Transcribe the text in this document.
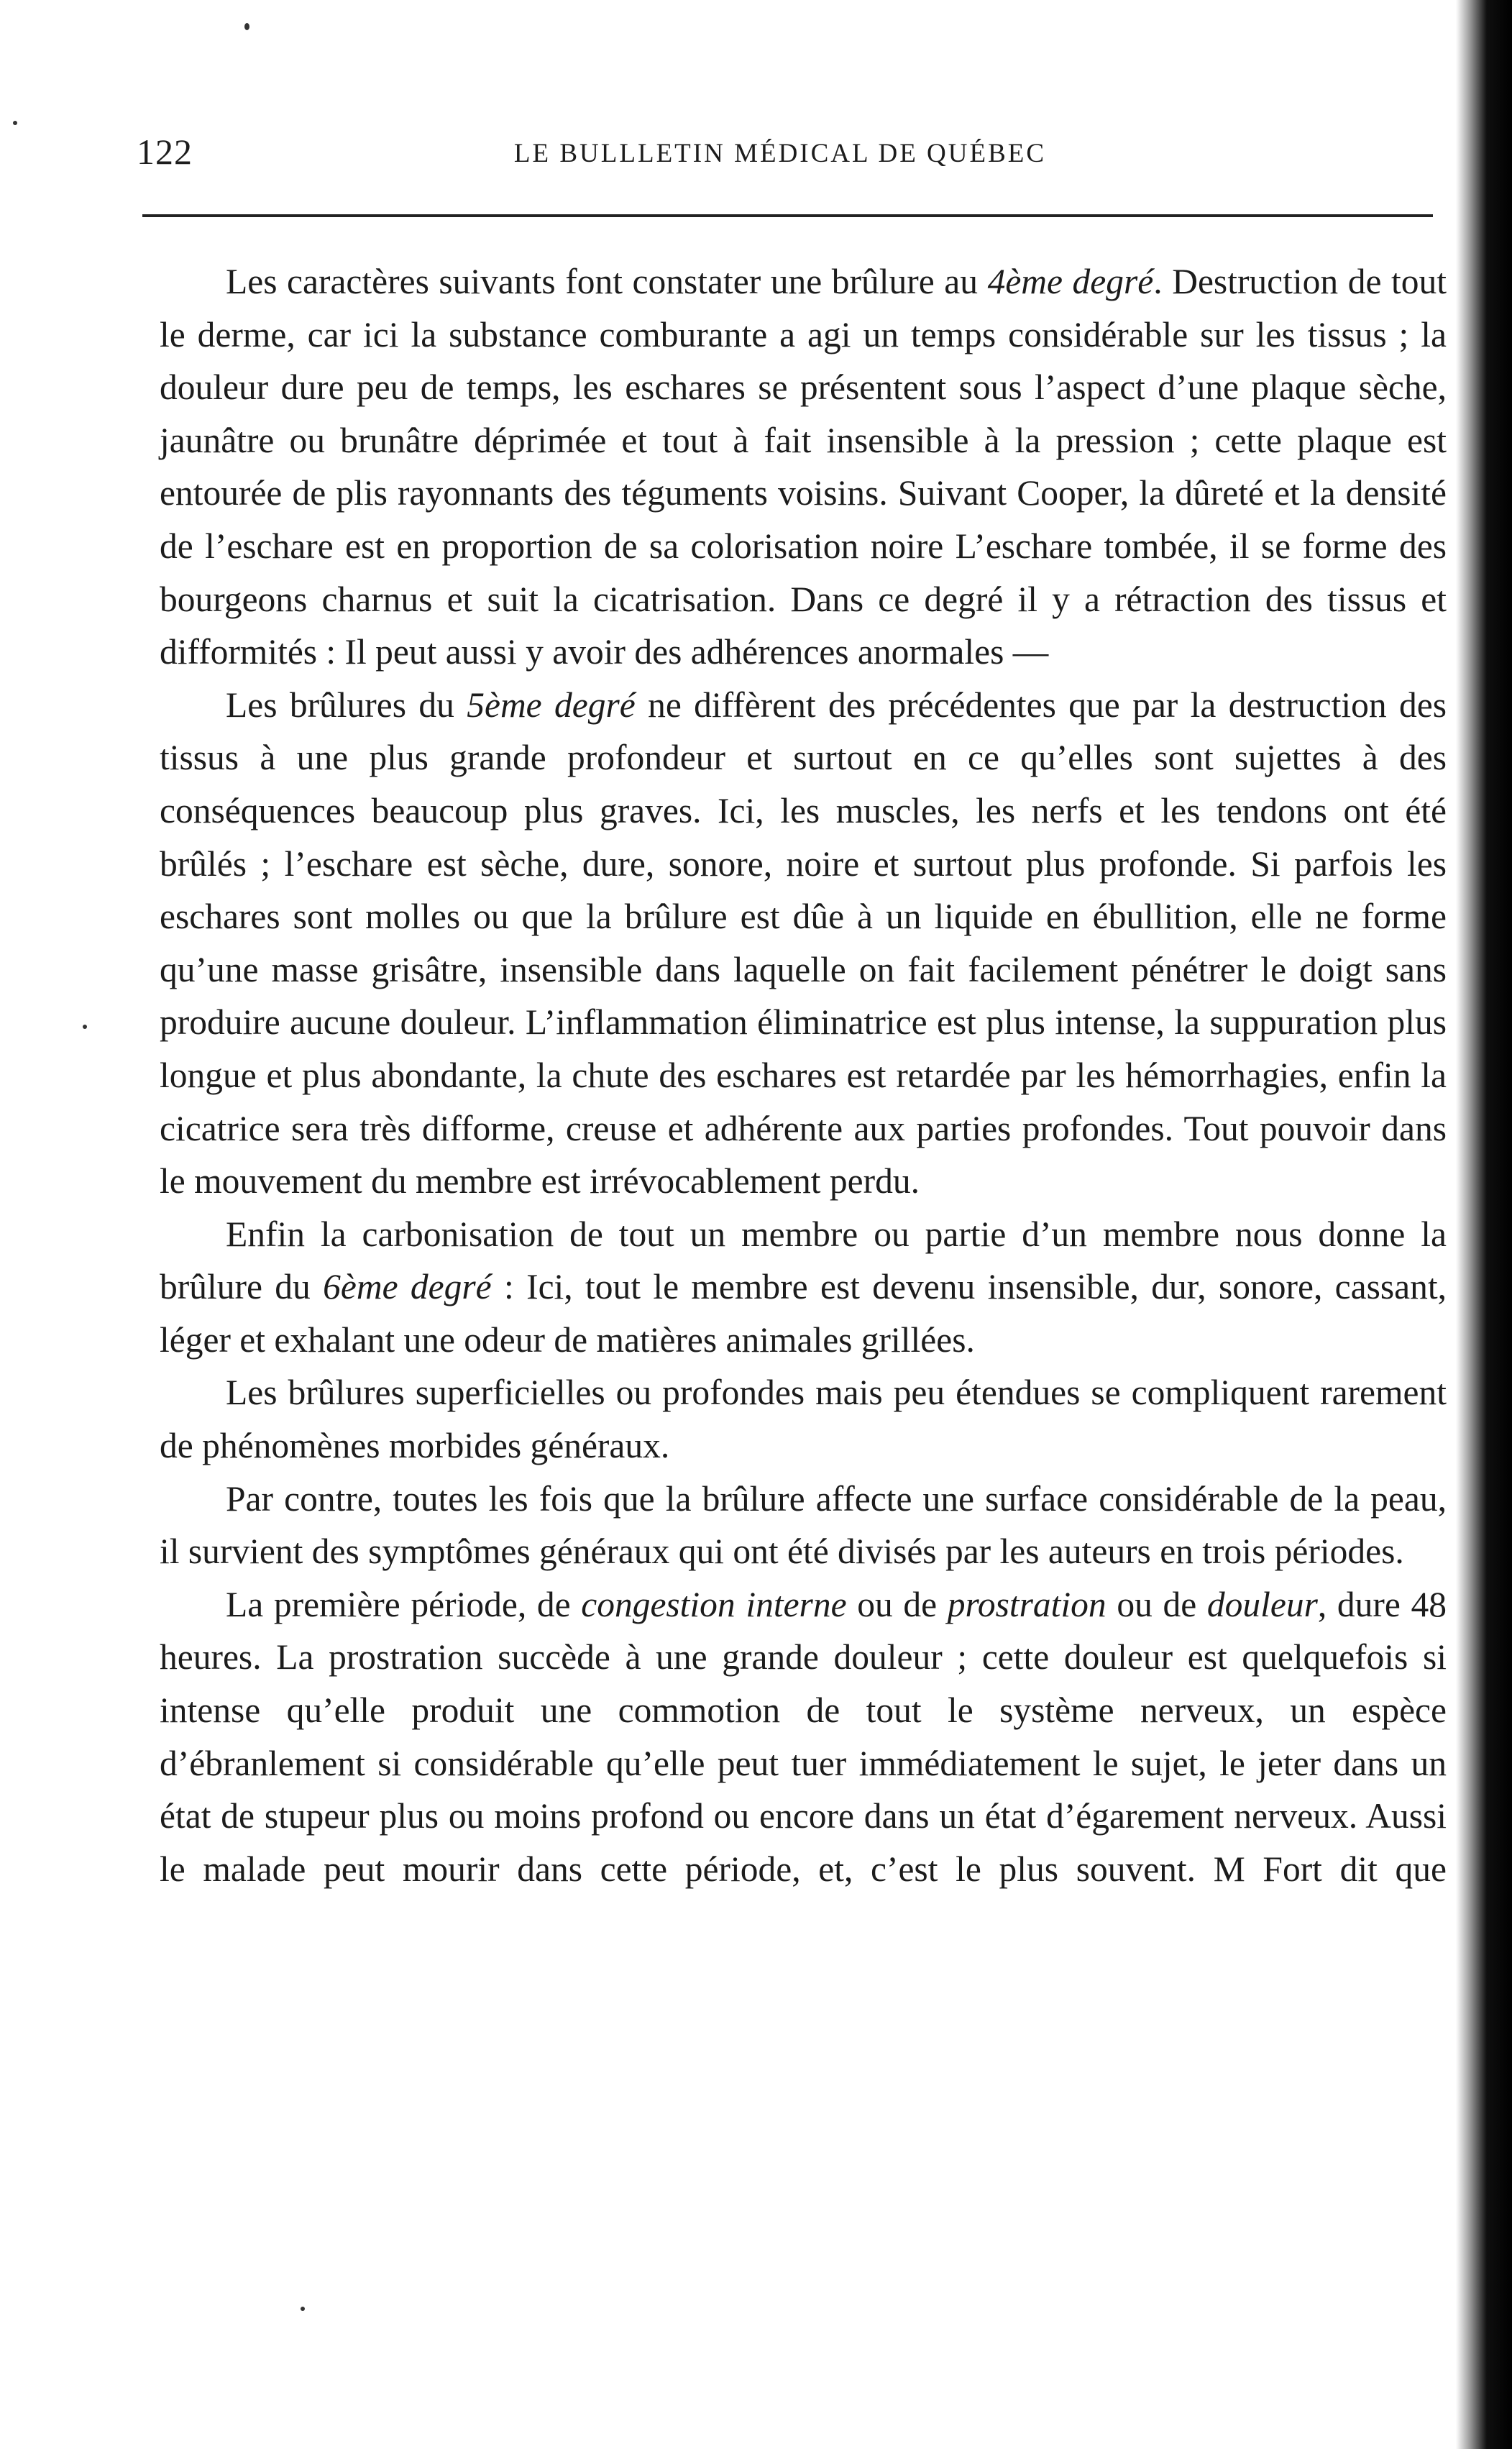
122	LE BULLLETIN MÉDICAL DE QUÉBEC

Les caractères suivants font constater une brûlure au 4ème degré. Destruction de tout le derme, car ici la substance comburante a agi un temps considérable sur les tissus ; la douleur dure peu de temps, les eschares se présentent sous l’aspect d’une plaque sèche, jaunâtre ou brunâtre déprimée et tout à fait insensible à la pression ; cette plaque est entourée de plis rayonnants des téguments voisins. Suivant Cooper, la dûreté et la densité de l’eschare est en proportion de sa colorisation noire L’eschare tombée, il se forme des bourgeons charnus et suit la cicatrisation. Dans ce degré il y a rétraction des tissus et difformités : Il peut aussi y avoir des adhérences anormales —

Les brûlures du 5ème degré ne diffèrent des précédentes que par la destruction des tissus à une plus grande profondeur et surtout en ce qu’elles sont sujettes à des conséquences beaucoup plus graves. Ici, les muscles, les nerfs et les tendons ont été brûlés ; l’eschare est sèche, dure, sonore, noire et surtout plus profonde. Si parfois les eschares sont molles ou que la brûlure est dûe à un liquide en ébullition, elle ne forme qu’une masse grisâtre, insensible dans laquelle on fait facilement pénétrer le doigt sans produire aucune douleur. L’inflammation éliminatrice est plus intense, la suppuration plus longue et plus abondante, la chute des eschares est retardée par les hémorrhagies, enfin la cicatrice sera très difforme, creuse et adhérente aux parties profondes. Tout pouvoir dans le mouvement du membre est irrévocablement perdu.

Enfin la carbonisation de tout un membre ou partie d’un membre nous donne la brûlure du 6ème degré : Ici, tout le membre est devenu insensible, dur, sonore, cassant, léger et exhalant une odeur de matières animales grillées.

Les brûlures superficielles ou profondes mais peu étendues se compliquent rarement de phénomènes morbides généraux.

Par contre, toutes les fois que la brûlure affecte une surface considérable de la peau, il survient des symptômes généraux qui ont été divisés par les auteurs en trois périodes.

La première période, de congestion interne ou de prostration ou de douleur, dure 48 heures. La prostration succède à une grande douleur ; cette douleur est quelquefois si intense qu’elle produit une commotion de tout le système nerveux, un espèce d’ébranlement si considérable qu’elle peut tuer immédiatement le sujet, le jeter dans un état de stupeur plus ou moins profond ou encore dans un état d’égarement nerveux. Aussi le malade peut mourir dans cette période, et, c’est le plus souvent. M Fort dit que
